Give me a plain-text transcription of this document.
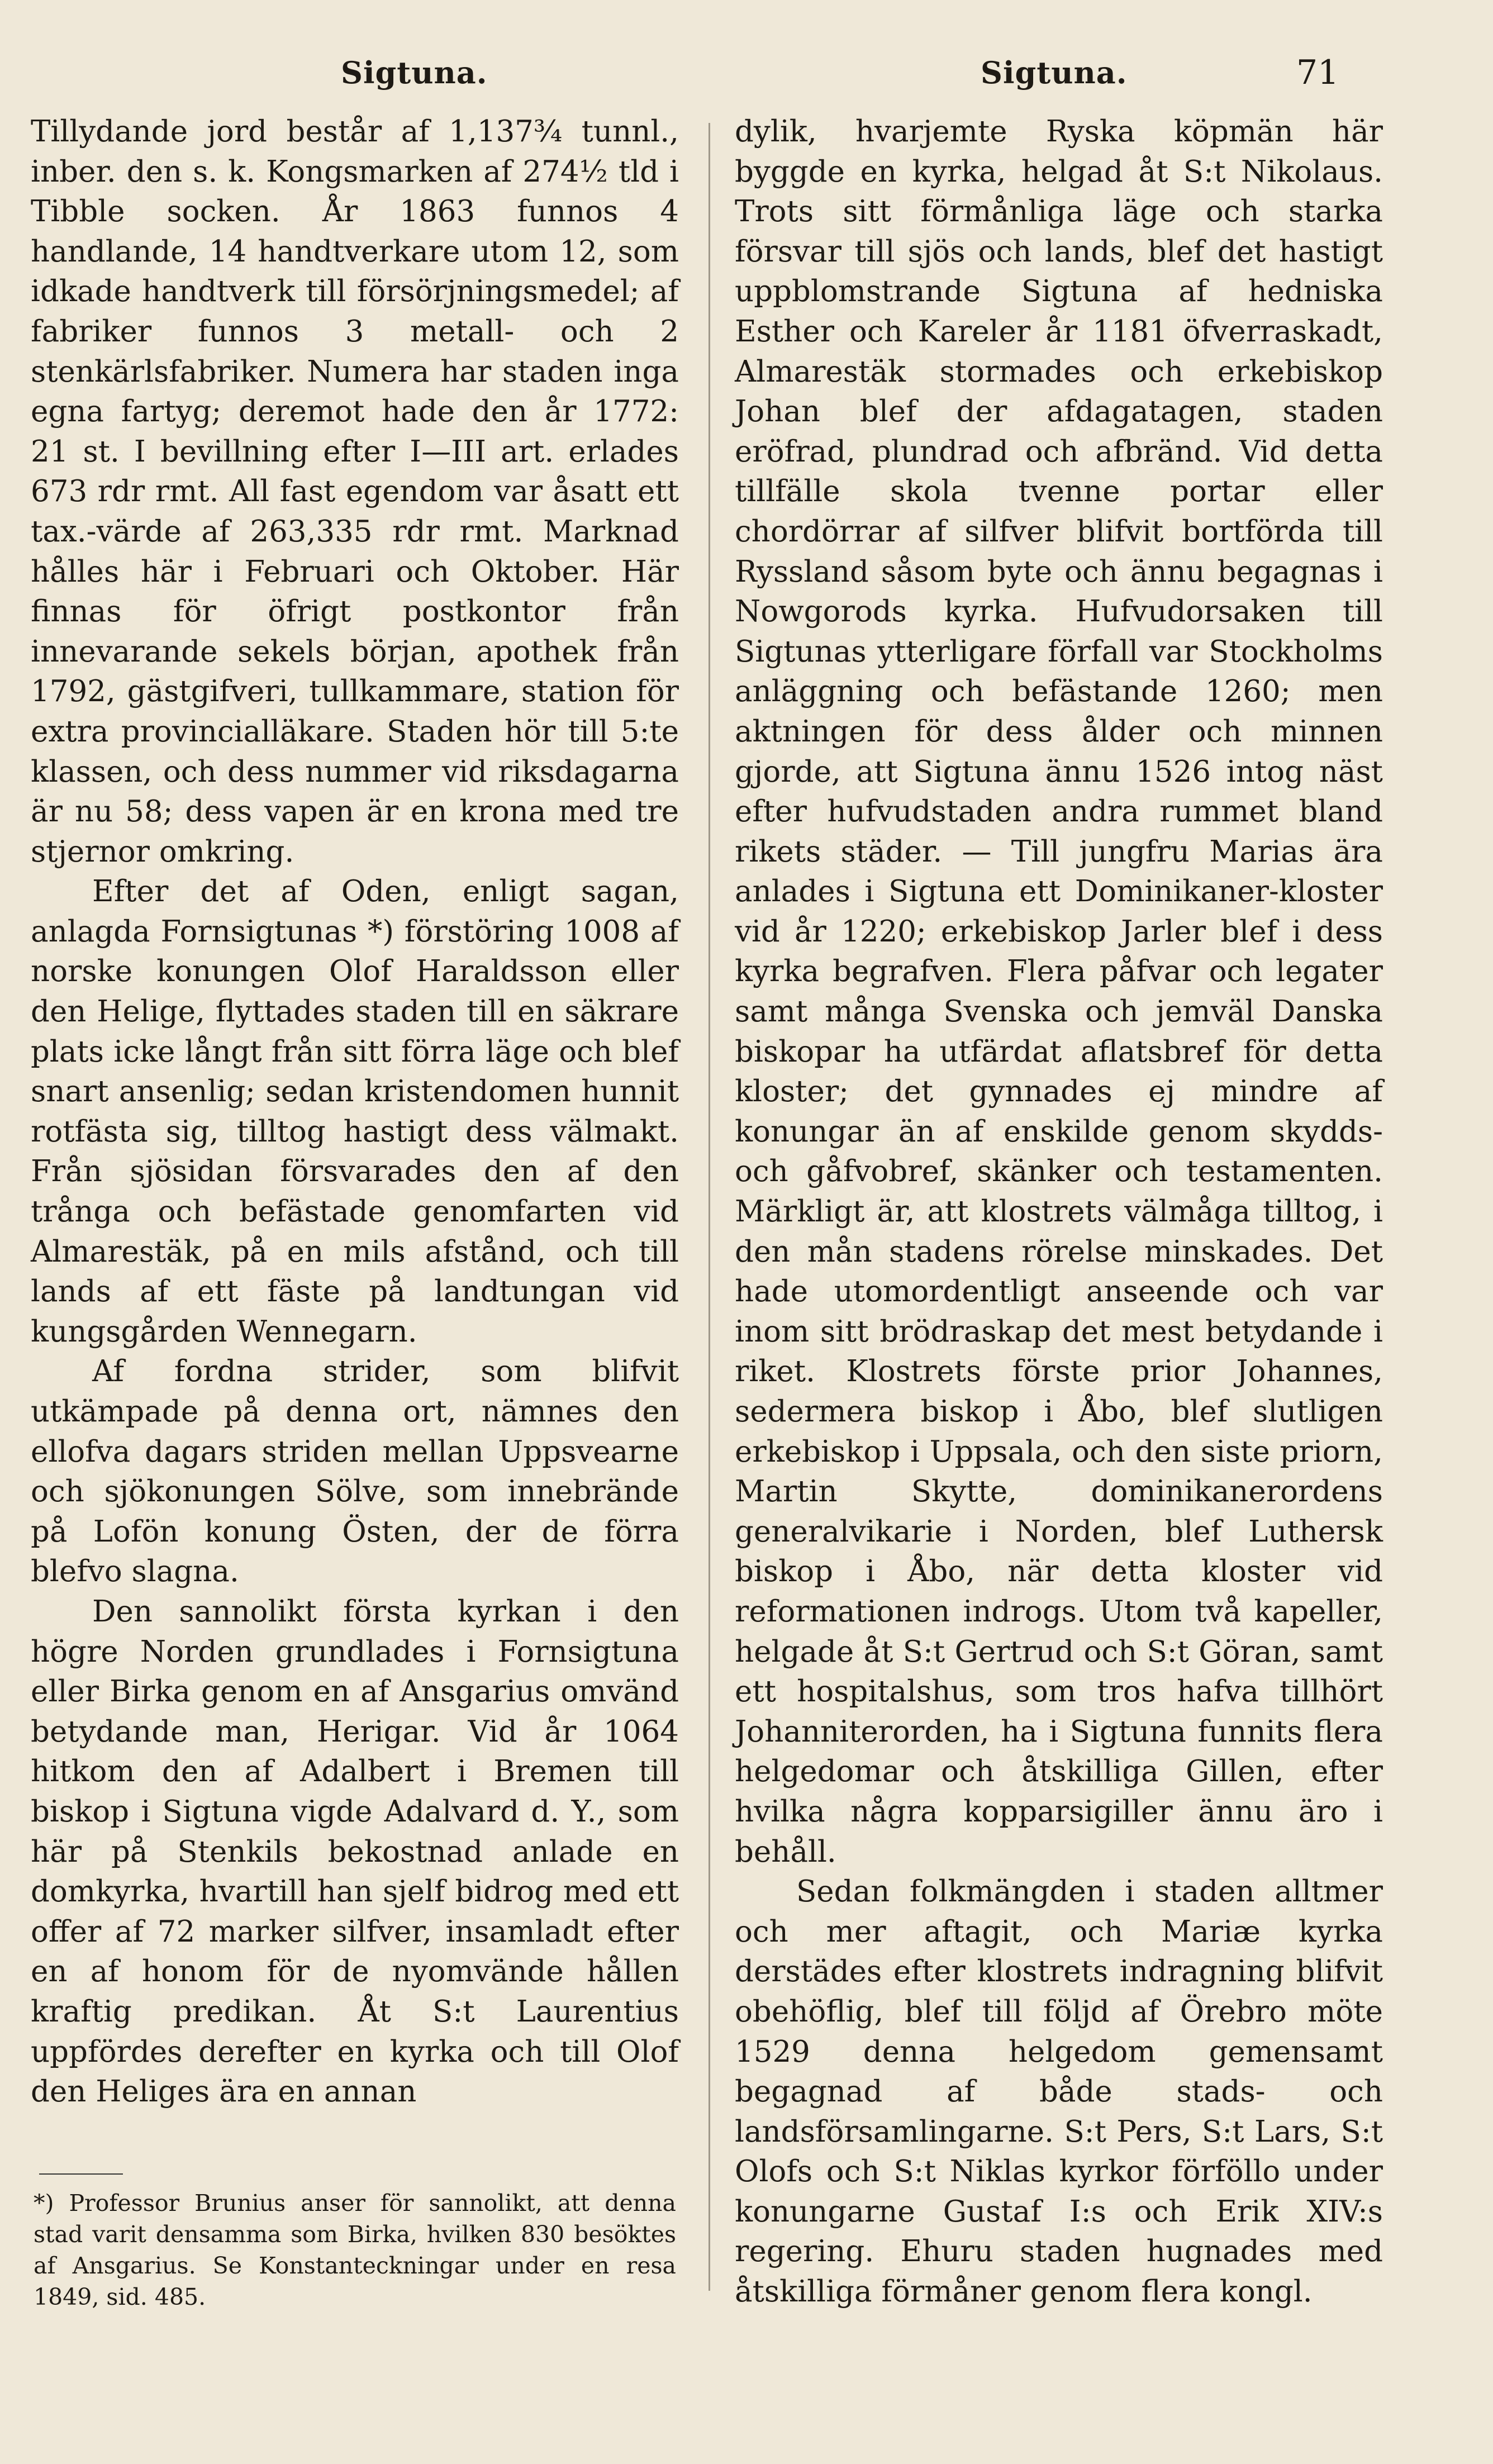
Sigtuna.	Sigtuna.	71

Tillydande jord består af 1,137¾ tunnl., inber. den s. k. Kongsmarken af 274½ tld i Tibble socken. År 1863 funnos 4 handlande, 14 handtverkare utom 12, som idkade handtverk till försörjningsmedel; af fabriker funnos 3 metall- och 2 stenkärlsfabriker. Numera har staden inga egna fartyg; deremot hade den år 1772: 21 st. I bevillning efter I—III art. erlades 673 rdr rmt. All fast egendom var åsatt ett tax.-värde af 263,335 rdr rmt. Marknad hålles här i Februari och Oktober. Här finnas för öfrigt postkontor från innevarande sekels början, apothek från 1792, gästgifveri, tullkammare, station för extra provincialläkare. Staden hör till 5:te klassen, och dess nummer vid riksdagarna är nu 58; dess vapen är en krona med tre stjernor omkring.

Efter det af Oden, enligt sagan, anlagda Fornsigtunas *) förstöring 1008 af norske konungen Olof Haraldsson eller den Helige, flyttades staden till en säkrare plats icke långt från sitt förra läge och blef snart ansenlig; sedan kristendomen hunnit rotfästa sig, tilltog hastigt dess välmakt. Från sjösidan försvarades den af den trånga och befästade genomfarten vid Almarestäk, på en mils afstånd, och till lands af ett fäste på landtungan vid kungsgården Wennegarn.

Af fordna strider, som blifvit utkämpade på denna ort, nämnes den ellofva dagars striden mellan Uppsvearne och sjökonungen Sölve, som innebrände på Lofön konung Östen, der de förra blefvo slagna.

Den sannolikt första kyrkan i den högre Norden grundlades i Fornsigtuna eller Birka genom en af Ansgarius omvänd betydande man, Herigar. Vid år 1064 hitkom den af Adalbert i Bremen till biskop i Sigtuna vigde Adalvard d. Y., som här på Stenkils bekostnad anlade en domkyrka, hvartill han sjelf bidrog med ett offer af 72 marker silfver, insamladt efter en af honom för de nyomvände hållen kraftig predikan. Åt S:t Laurentius uppfördes derefter en kyrka och till Olof den Heliges ära en annan

dylik, hvarjemte Ryska köpmän här byggde en kyrka, helgad åt S:t Nikolaus. Trots sitt förmånliga läge och starka försvar till sjös och lands, blef det hastigt uppblomstrande Sigtuna af hedniska Esther och Kareler år 1181 öfverraskadt, Almarestäk stormades och erkebiskop Johan blef der afdagatagen, staden eröfrad, plundrad och afbränd. Vid detta tillfälle skola tvenne portar eller chordörrar af silfver blifvit bortförda till Ryssland såsom byte och ännu begagnas i Nowgorods kyrka. Hufvudorsaken till Sigtunas ytterligare förfall var Stockholms anläggning och befästande 1260; men aktningen för dess ålder och minnen gjorde, att Sigtuna ännu 1526 intog näst efter hufvudstaden andra rummet bland rikets städer. — Till jungfru Marias ära anlades i Sigtuna ett Dominikaner-kloster vid år 1220; erkebiskop Jarler blef i dess kyrka begrafven. Flera påfvar och legater samt många Svenska och jemväl Danska biskopar ha utfärdat aflatsbref för detta kloster; det gynnades ej mindre af konungar än af enskilde genom skydds- och gåfvobref, skänker och testamenten. Märkligt är, att klostrets välmåga tilltog, i den mån stadens rörelse minskades. Det hade utomordentligt anseende och var inom sitt brödraskap det mest betydande i riket. Klostrets förste prior Johannes, sedermera biskop i Åbo, blef slutligen erkebiskop i Uppsala, och den siste priorn, Martin Skytte, dominikanerordens generalvikarie i Norden, blef Luthersk biskop i Åbo, när detta kloster vid reformationen indrogs. Utom två kapeller, helgade åt S:t Gertrud och S:t Göran, samt ett hospitalshus, som tros hafva tillhört Johanniterorden, ha i Sigtuna funnits flera helgedomar och åtskilliga Gillen, efter hvilka några kopparsigiller ännu äro i behåll.

Sedan folkmängden i staden alltmer och mer aftagit, och Mariæ kyrka derstädes efter klostrets indragning blifvit obehöflig, blef till följd af Örebro möte 1529 denna helgedom gemensamt begagnad af både stads- och landsförsamlingarne. S:t Pers, S:t Lars, S:t Olofs och S:t Niklas kyrkor förföllo under konungarne Gustaf I:s och Erik XIV:s regering. Ehuru staden hugnades med åtskilliga förmåner genom flera kongl.

*) Professor Brunius anser för sannolikt, att denna stad varit densamma som Birka, hvilken 830 besöktes af Ansgarius. Se Konstanteckningar under en resa 1849, sid. 485.
